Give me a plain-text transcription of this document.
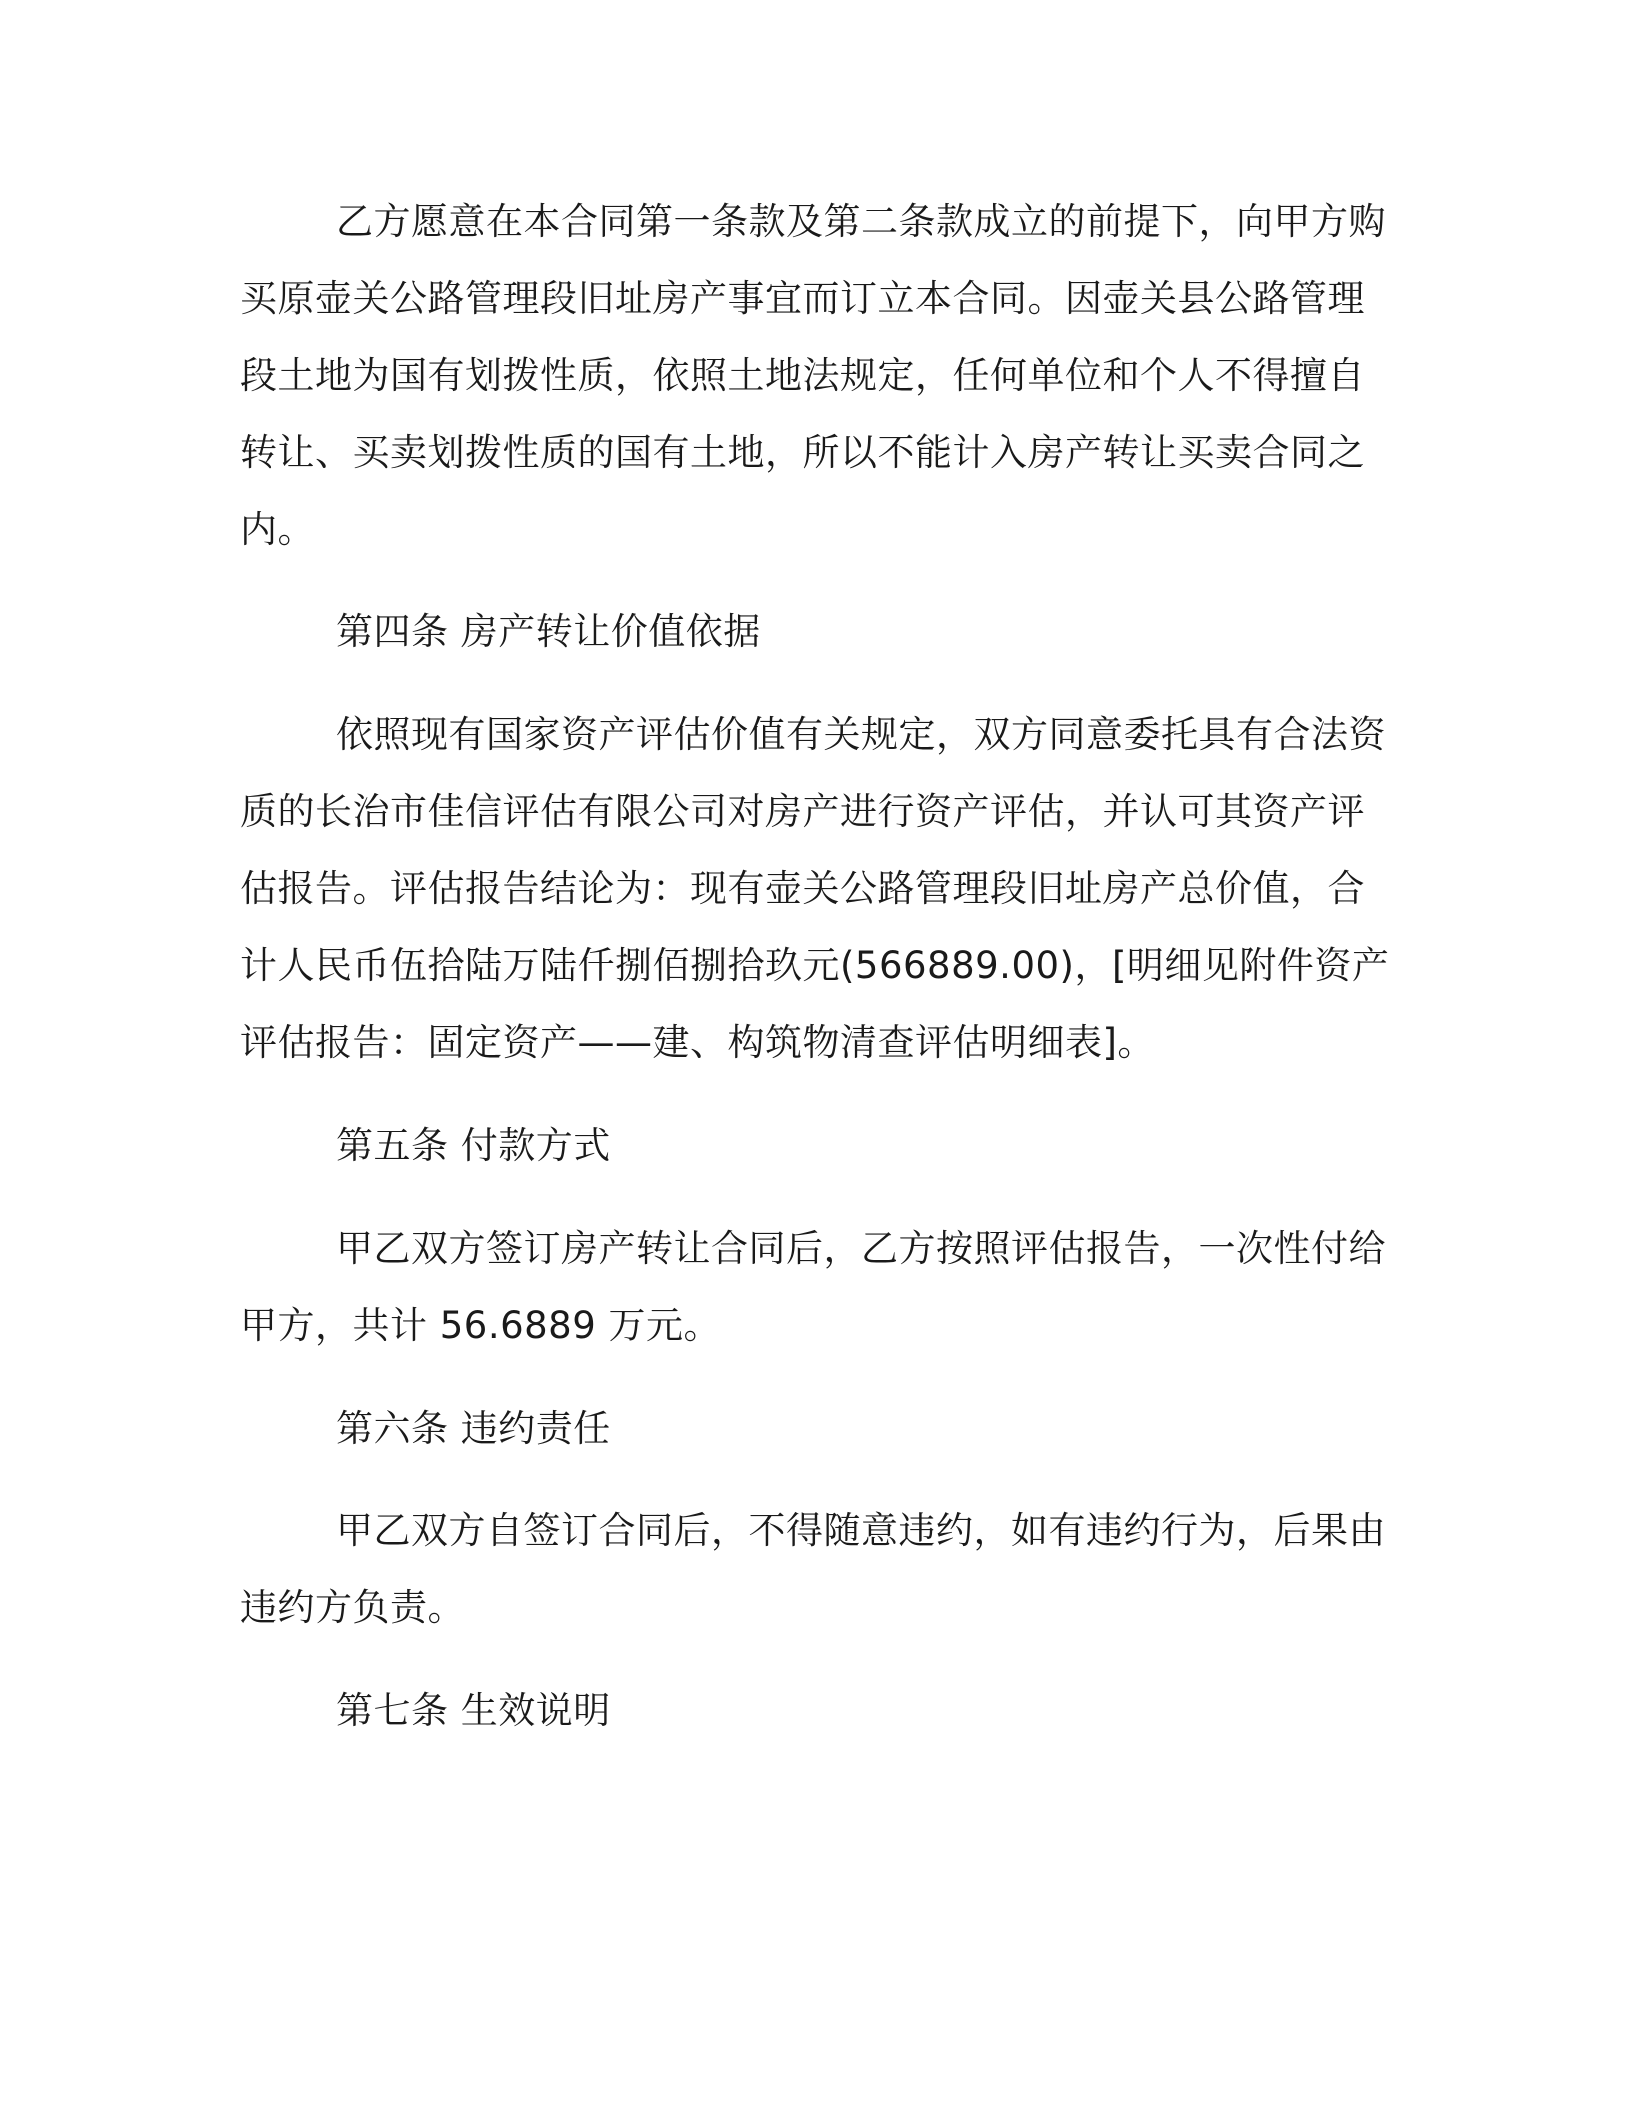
乙方愿意在本合同第一条款及第二条款成立的前提下，向甲方购
买原壶关公路管理段旧址房产事宜而订立本合同。因壶关县公路管理
段土地为国有划拨性质，依照土地法规定，任何单位和个人不得擅自
转让、买卖划拨性质的国有土地，所以不能计入房产转让买卖合同之
内。
第四条 房产转让价值依据
依照现有国家资产评估价值有关规定，双方同意委托具有合法资
质的长治市佳信评估有限公司对房产进行资产评估，并认可其资产评
估报告。评估报告结论为：现有壶关公路管理段旧址房产总价值，合
计人民币伍拾陆万陆仟捌佰捌拾玖元(566889.00)，[明细见附件资产
评估报告：固定资产——建、构筑物清查评估明细表]。
第五条 付款方式
甲乙双方签订房产转让合同后，乙方按照评估报告，一次性付给
甲方，共计 56.6889 万元。
第六条 违约责任
甲乙双方自签订合同后，不得随意违约，如有违约行为，后果由
违约方负责。
第七条 生效说明
